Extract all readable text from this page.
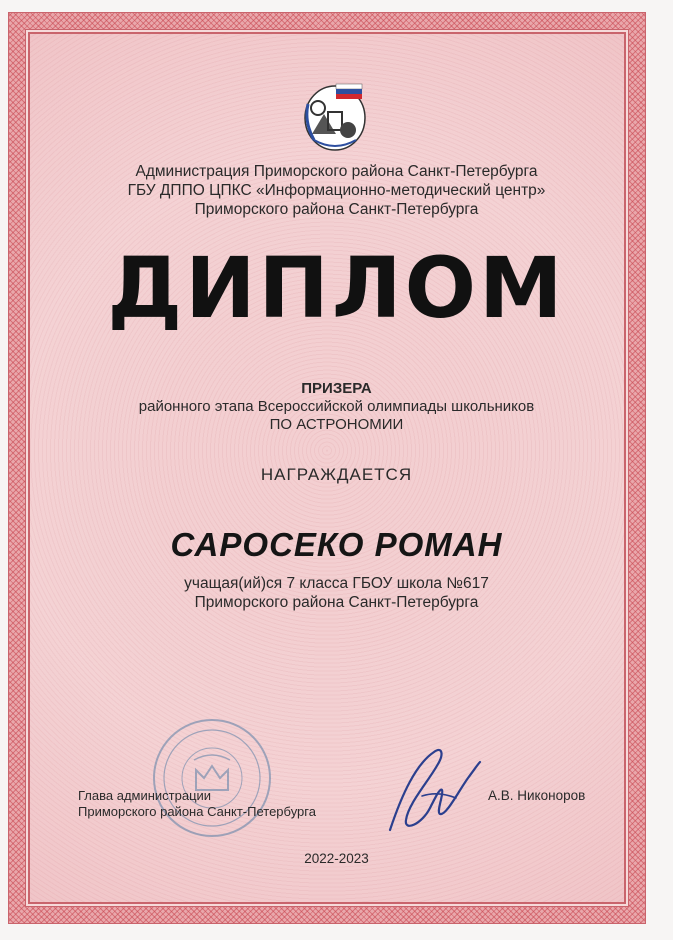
Администрация Приморского района Санкт-Петербурга
ГБУ ДППО ЦПКС «Информационно-методический центр»
Приморского района Санкт-Петербурга
ДИПЛОМ
ПРИЗЕРА
районного этапа Всероссийской олимпиады школьников
ПО АСТРОНОМИИ
НАГРАЖДАЕТСЯ
САРОСЕКО РОМАН
учащая(ий)ся 7 класса ГБОУ школа №617
Приморского района Санкт-Петербурга
Глава администрации
Приморского района Санкт-Петербурга
А.В. Никоноров
2022-2023
